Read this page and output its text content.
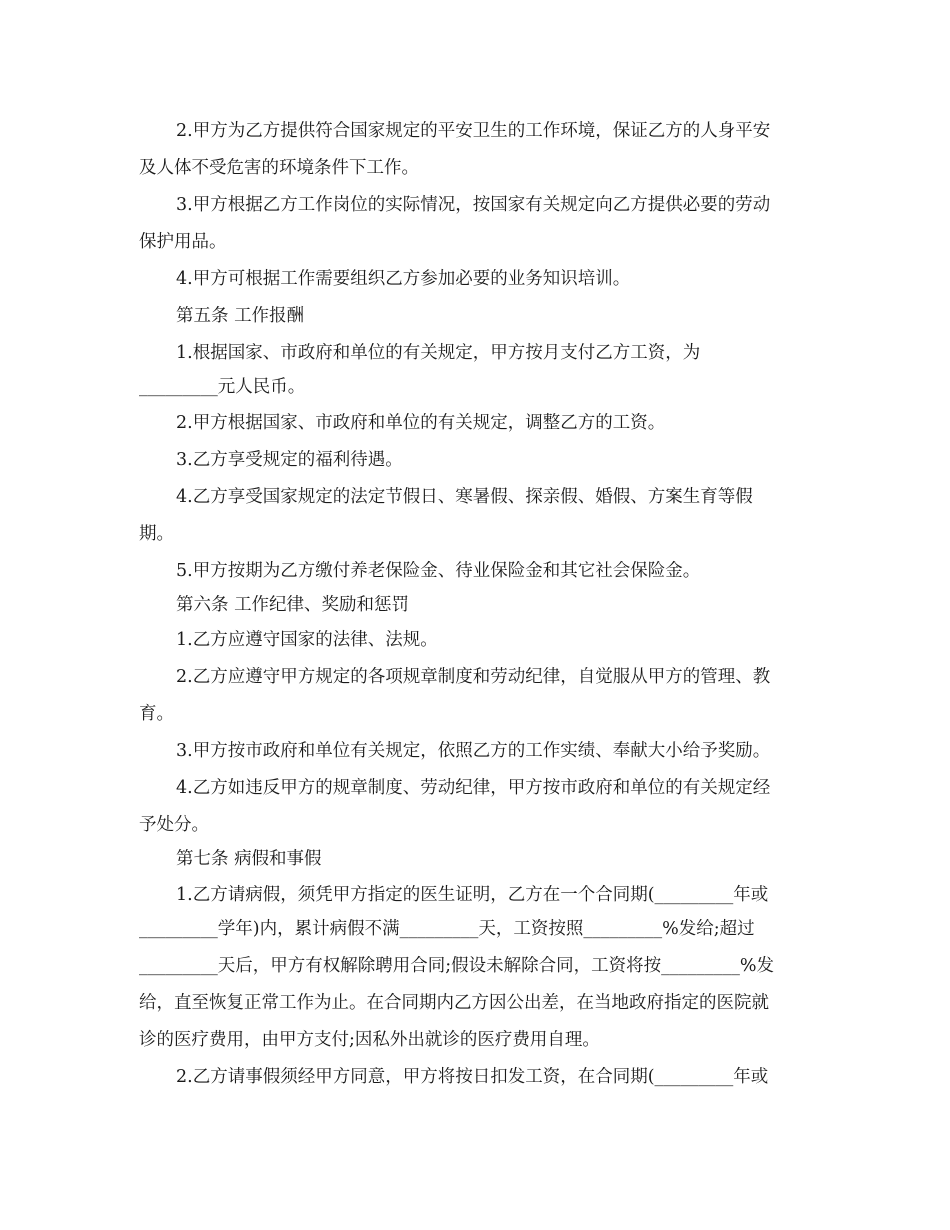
2.甲方为乙方提供符合国家规定的平安卫生的工作环境，保证乙方的人身平安
及人体不受危害的环境条件下工作。
3.甲方根据乙方工作岗位的实际情况，按国家有关规定向乙方提供必要的劳动
保护用品。
4.甲方可根据工作需要组织乙方参加必要的业务知识培训。
第五条 工作报酬
1.根据国家、市政府和单位的有关规定，甲方按月支付乙方工资，为
_________元人民币。
2.甲方根据国家、市政府和单位的有关规定，调整乙方的工资。
3.乙方享受规定的福利待遇。
4.乙方享受国家规定的法定节假日、寒暑假、探亲假、婚假、方案生育等假
期。
5.甲方按期为乙方缴付养老保险金、待业保险金和其它社会保险金。
第六条 工作纪律、奖励和惩罚
1.乙方应遵守国家的法律、法规。
2.乙方应遵守甲方规定的各项规章制度和劳动纪律，自觉服从甲方的管理、教
育。
3.甲方按市政府和单位有关规定，依照乙方的工作实绩、奉献大小给予奖励。
4.乙方如违反甲方的规章制度、劳动纪律，甲方按市政府和单位的有关规定经
予处分。
第七条 病假和事假
1.乙方请病假，须凭甲方指定的医生证明，乙方在一个合同期(_________年或
_________学年)内，累计病假不满_________天，工资按照_________%发给;超过
_________天后，甲方有权解除聘用合同;假设未解除合同，工资将按_________%发
给，直至恢复正常工作为止。在合同期内乙方因公出差，在当地政府指定的医院就
诊的医疗费用，由甲方支付;因私外出就诊的医疗费用自理。
2.乙方请事假须经甲方同意，甲方将按日扣发工资，在合同期(_________年或
